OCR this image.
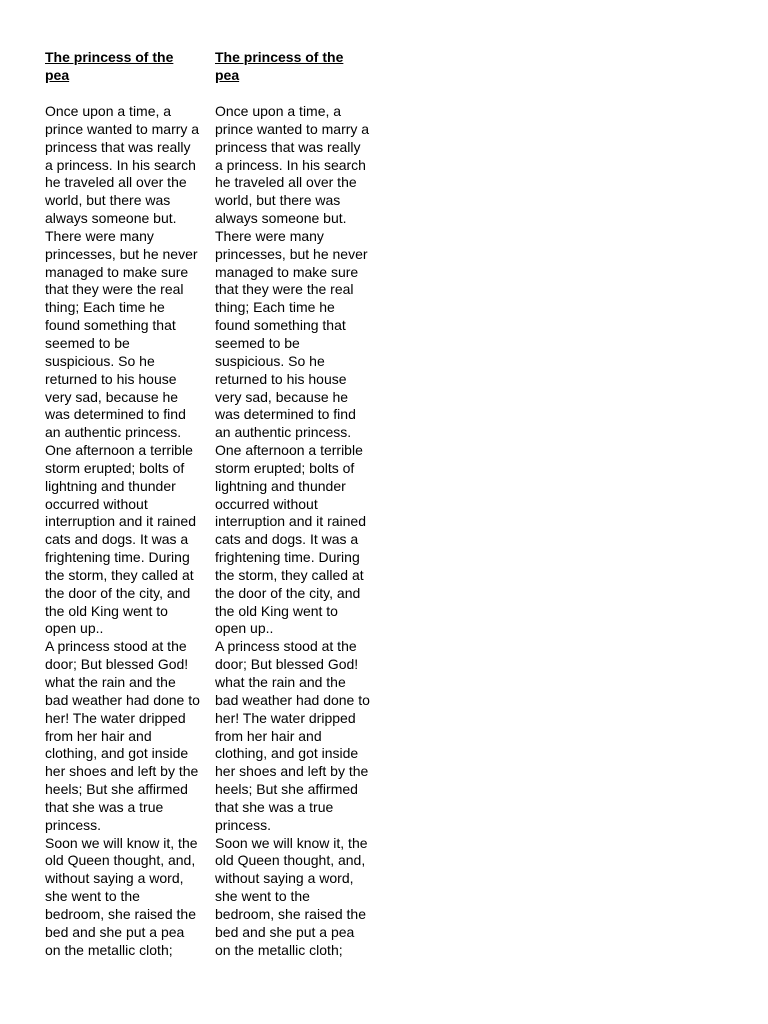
The princess of the pea

Once upon a time, a
prince wanted to marry a
princess that was really
a princess. In his search
he traveled all over the
world, but there was
always someone but.
There were many
princesses, but he never
managed to make sure
that they were the real
thing; Each time he
found something that
seemed to be
suspicious. So he
returned to his house
very sad, because he
was determined to find
an authentic princess.

One afternoon a terrible
storm erupted; bolts of
lightning and thunder
occurred without
interruption and it rained
cats and dogs. It was a
frightening time. During
the storm, they called at
the door of the city, and
the old King went to
open up..

A princess stood at the
door; But blessed God!
what the rain and the
bad weather had done to
her! The water dripped
from her hair and
clothing, and got inside
her shoes and left by the
heels; But she affirmed
that she was a true
princess.

Soon we will know it, the
old Queen thought, and,
without saying a word,
she went to the
bedroom, she raised the
bed and she put a pea
on the metallic cloth;

The princess of the pea

Once upon a time, a
prince wanted to marry a
princess that was really
a princess. In his search
he traveled all over the
world, but there was
always someone but.
There were many
princesses, but he never
managed to make sure
that they were the real
thing; Each time he
found something that
seemed to be
suspicious. So he
returned to his house
very sad, because he
was determined to find
an authentic princess.

One afternoon a terrible
storm erupted; bolts of
lightning and thunder
occurred without
interruption and it rained
cats and dogs. It was a
frightening time. During
the storm, they called at
the door of the city, and
the old King went to
open up..

A princess stood at the
door; But blessed God!
what the rain and the
bad weather had done to
her! The water dripped
from her hair and
clothing, and got inside
her shoes and left by the
heels; But she affirmed
that she was a true
princess.

Soon we will know it, the
old Queen thought, and,
without saying a word,
she went to the
bedroom, she raised the
bed and she put a pea
on the metallic cloth;
